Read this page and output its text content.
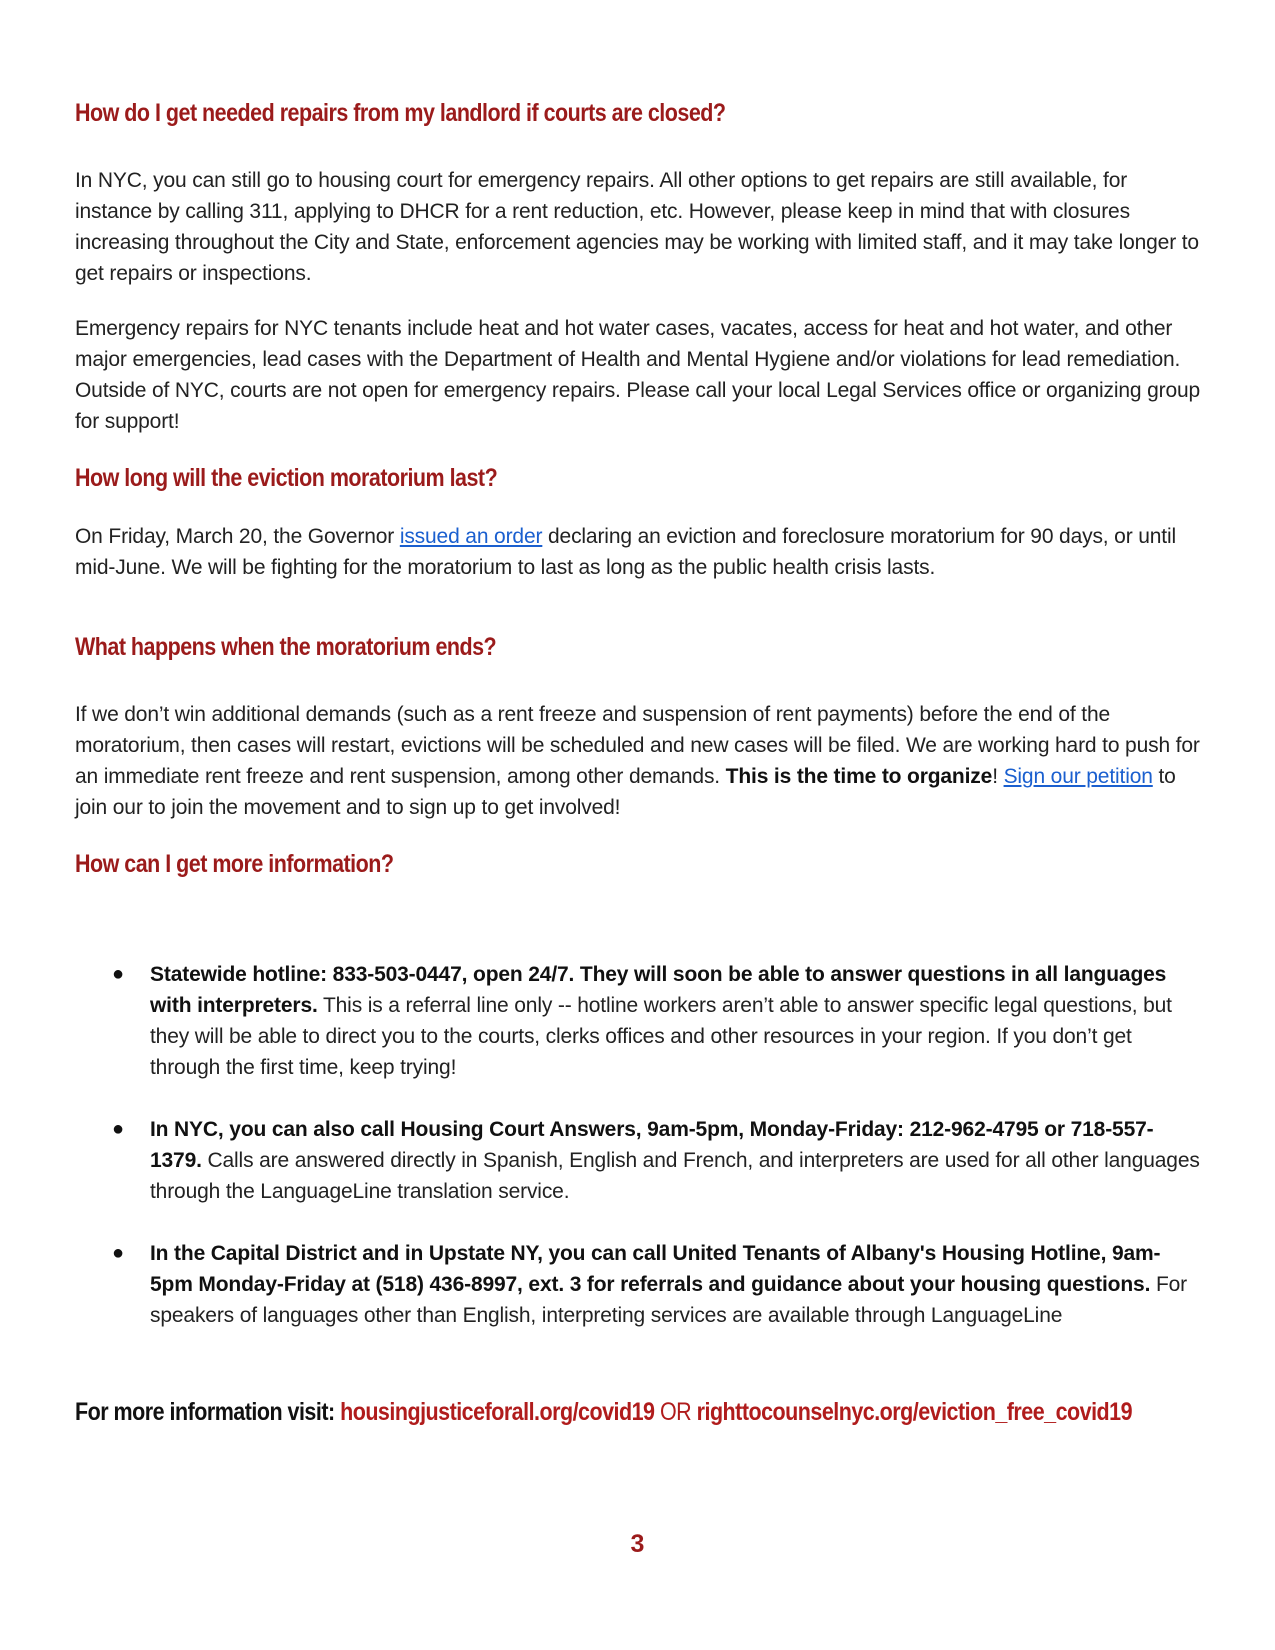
How do I get needed repairs from my landlord if courts are closed?

In NYC, you can still go to housing court for emergency repairs. All other options to get repairs are still available, for instance by calling 311, applying to DHCR for a rent reduction, etc. However, please keep in mind that with closures increasing throughout the City and State, enforcement agencies may be working with limited staff, and it may take longer to get repairs or inspections.

Emergency repairs for NYC tenants include heat and hot water cases, vacates, access for heat and hot water, and other major emergencies, lead cases with the Department of Health and Mental Hygiene and/or violations for lead remediation. Outside of NYC, courts are not open for emergency repairs. Please call your local Legal Services office or organizing group for support!

How long will the eviction moratorium last?

On Friday, March 20, the Governor issued an order declaring an eviction and foreclosure moratorium for 90 days, or until mid-June. We will be fighting for the moratorium to last as long as the public health crisis lasts.

What happens when the moratorium ends?

If we don’t win additional demands (such as a rent freeze and suspension of rent payments) before the end of the moratorium, then cases will restart, evictions will be scheduled and new cases will be filed. We are working hard to push for an immediate rent freeze and rent suspension, among other demands. This is the time to organize! Sign our petition to join our to join the movement and to sign up to get involved!

How can I get more information?
● Statewide hotline: 833-503-0447, open 24/7. They will soon be able to answer questions in all languages with interpreters. This is a referral line only -- hotline workers aren’t able to answer specific legal questions, but they will be able to direct you to the courts, clerks offices and other resources in your region. If you don’t get through the first time, keep trying!
● In NYC, you can also call Housing Court Answers, 9am-5pm, Monday-Friday: 212-962-4795 or 718-557-1379. Calls are answered directly in Spanish, English and French, and interpreters are used for all other languages through the LanguageLine translation service.
● In the Capital District and in Upstate NY, you can call United Tenants of Albany's Housing Hotline, 9am-5pm Monday-Friday at (518) 436-8997, ext. 3 for referrals and guidance about your housing questions. For speakers of languages other than English, interpreting services are available through LanguageLine

For more information visit: housingjusticeforall.org/covid19 OR righttocounselnyc.org/eviction_free_covid19

3
